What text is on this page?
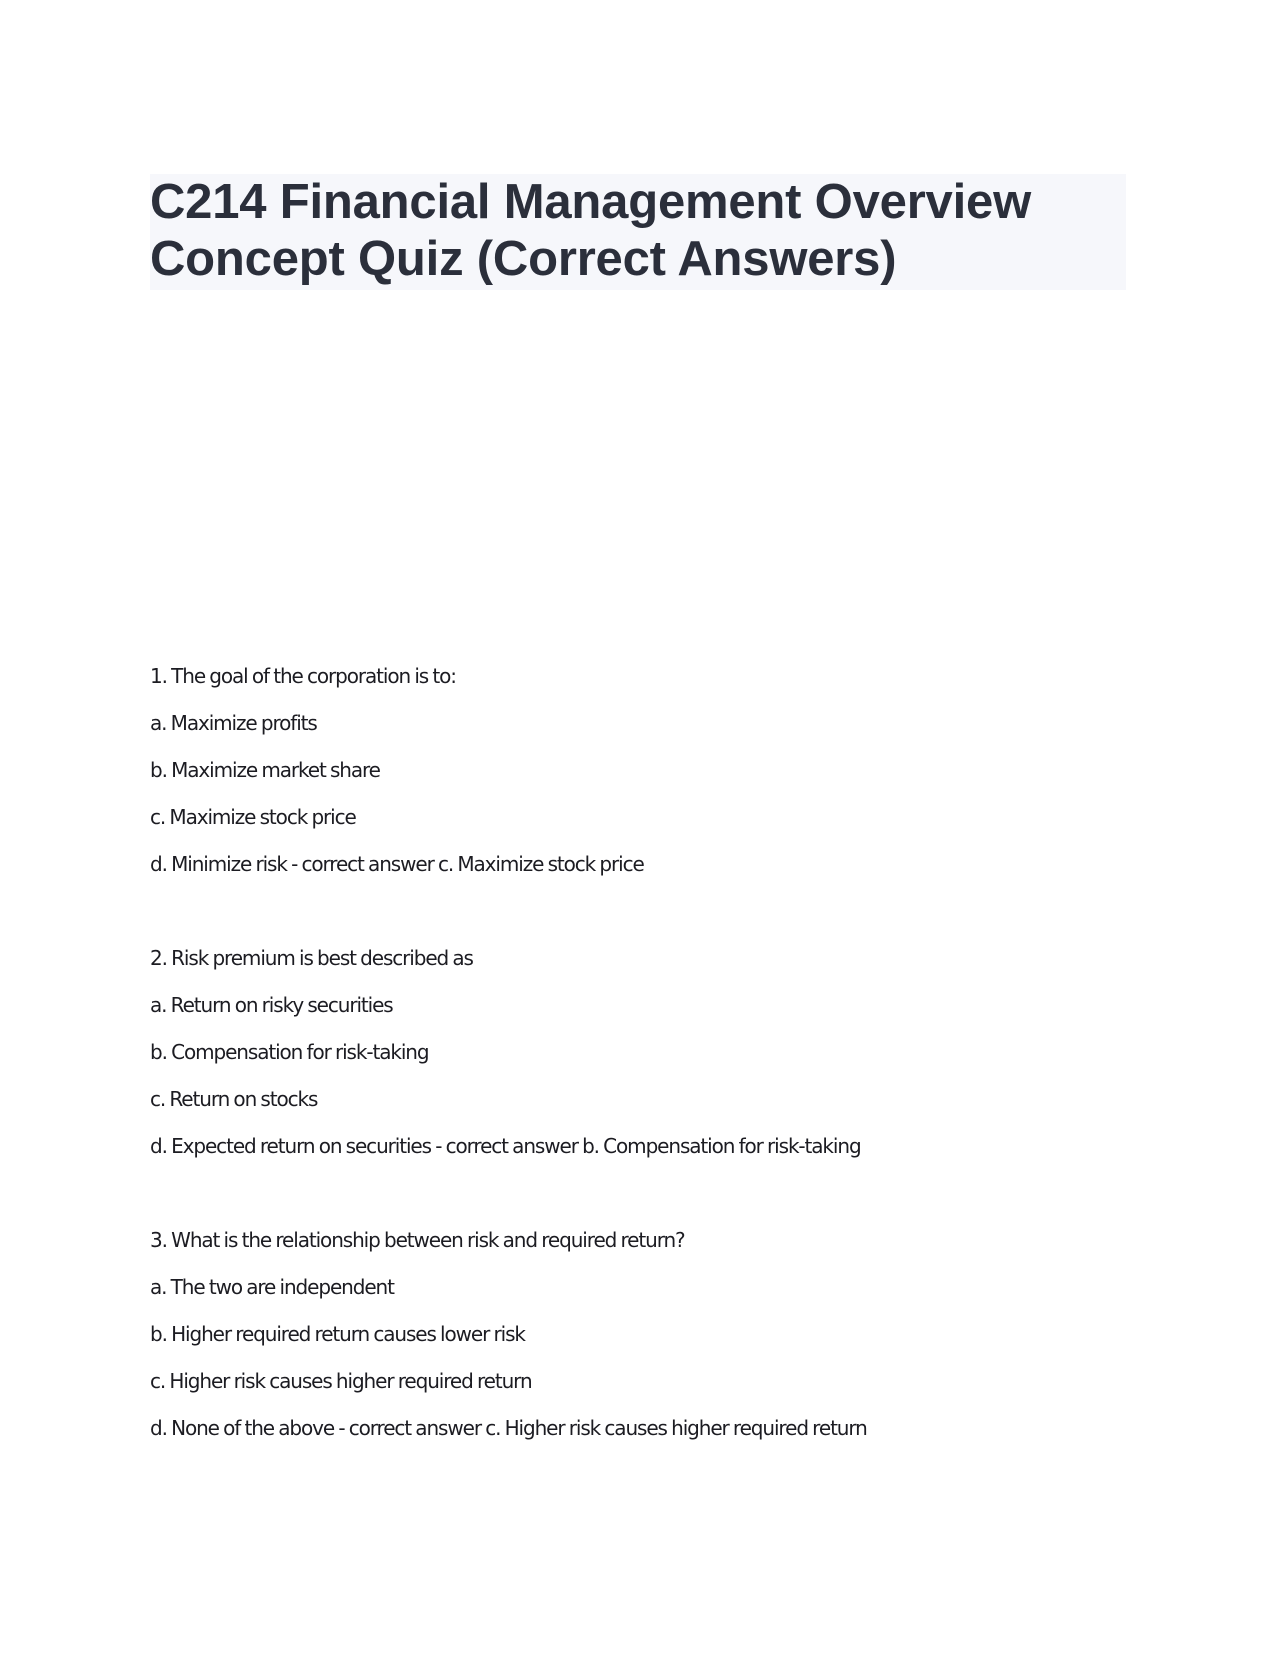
C214 Financial Management Overview
Concept Quiz (Correct Answers)
1. The goal of the corporation is to:
a. Maximize profits
b. Maximize market share
c. Maximize stock price
d. Minimize risk - correct answer c. Maximize stock price
2. Risk premium is best described as
a. Return on risky securities
b. Compensation for risk-taking
c. Return on stocks
d. Expected return on securities - correct answer b. Compensation for risk-taking
3. What is the relationship between risk and required return?
a. The two are independent
b. Higher required return causes lower risk
c. Higher risk causes higher required return
d. None of the above - correct answer c. Higher risk causes higher required return
